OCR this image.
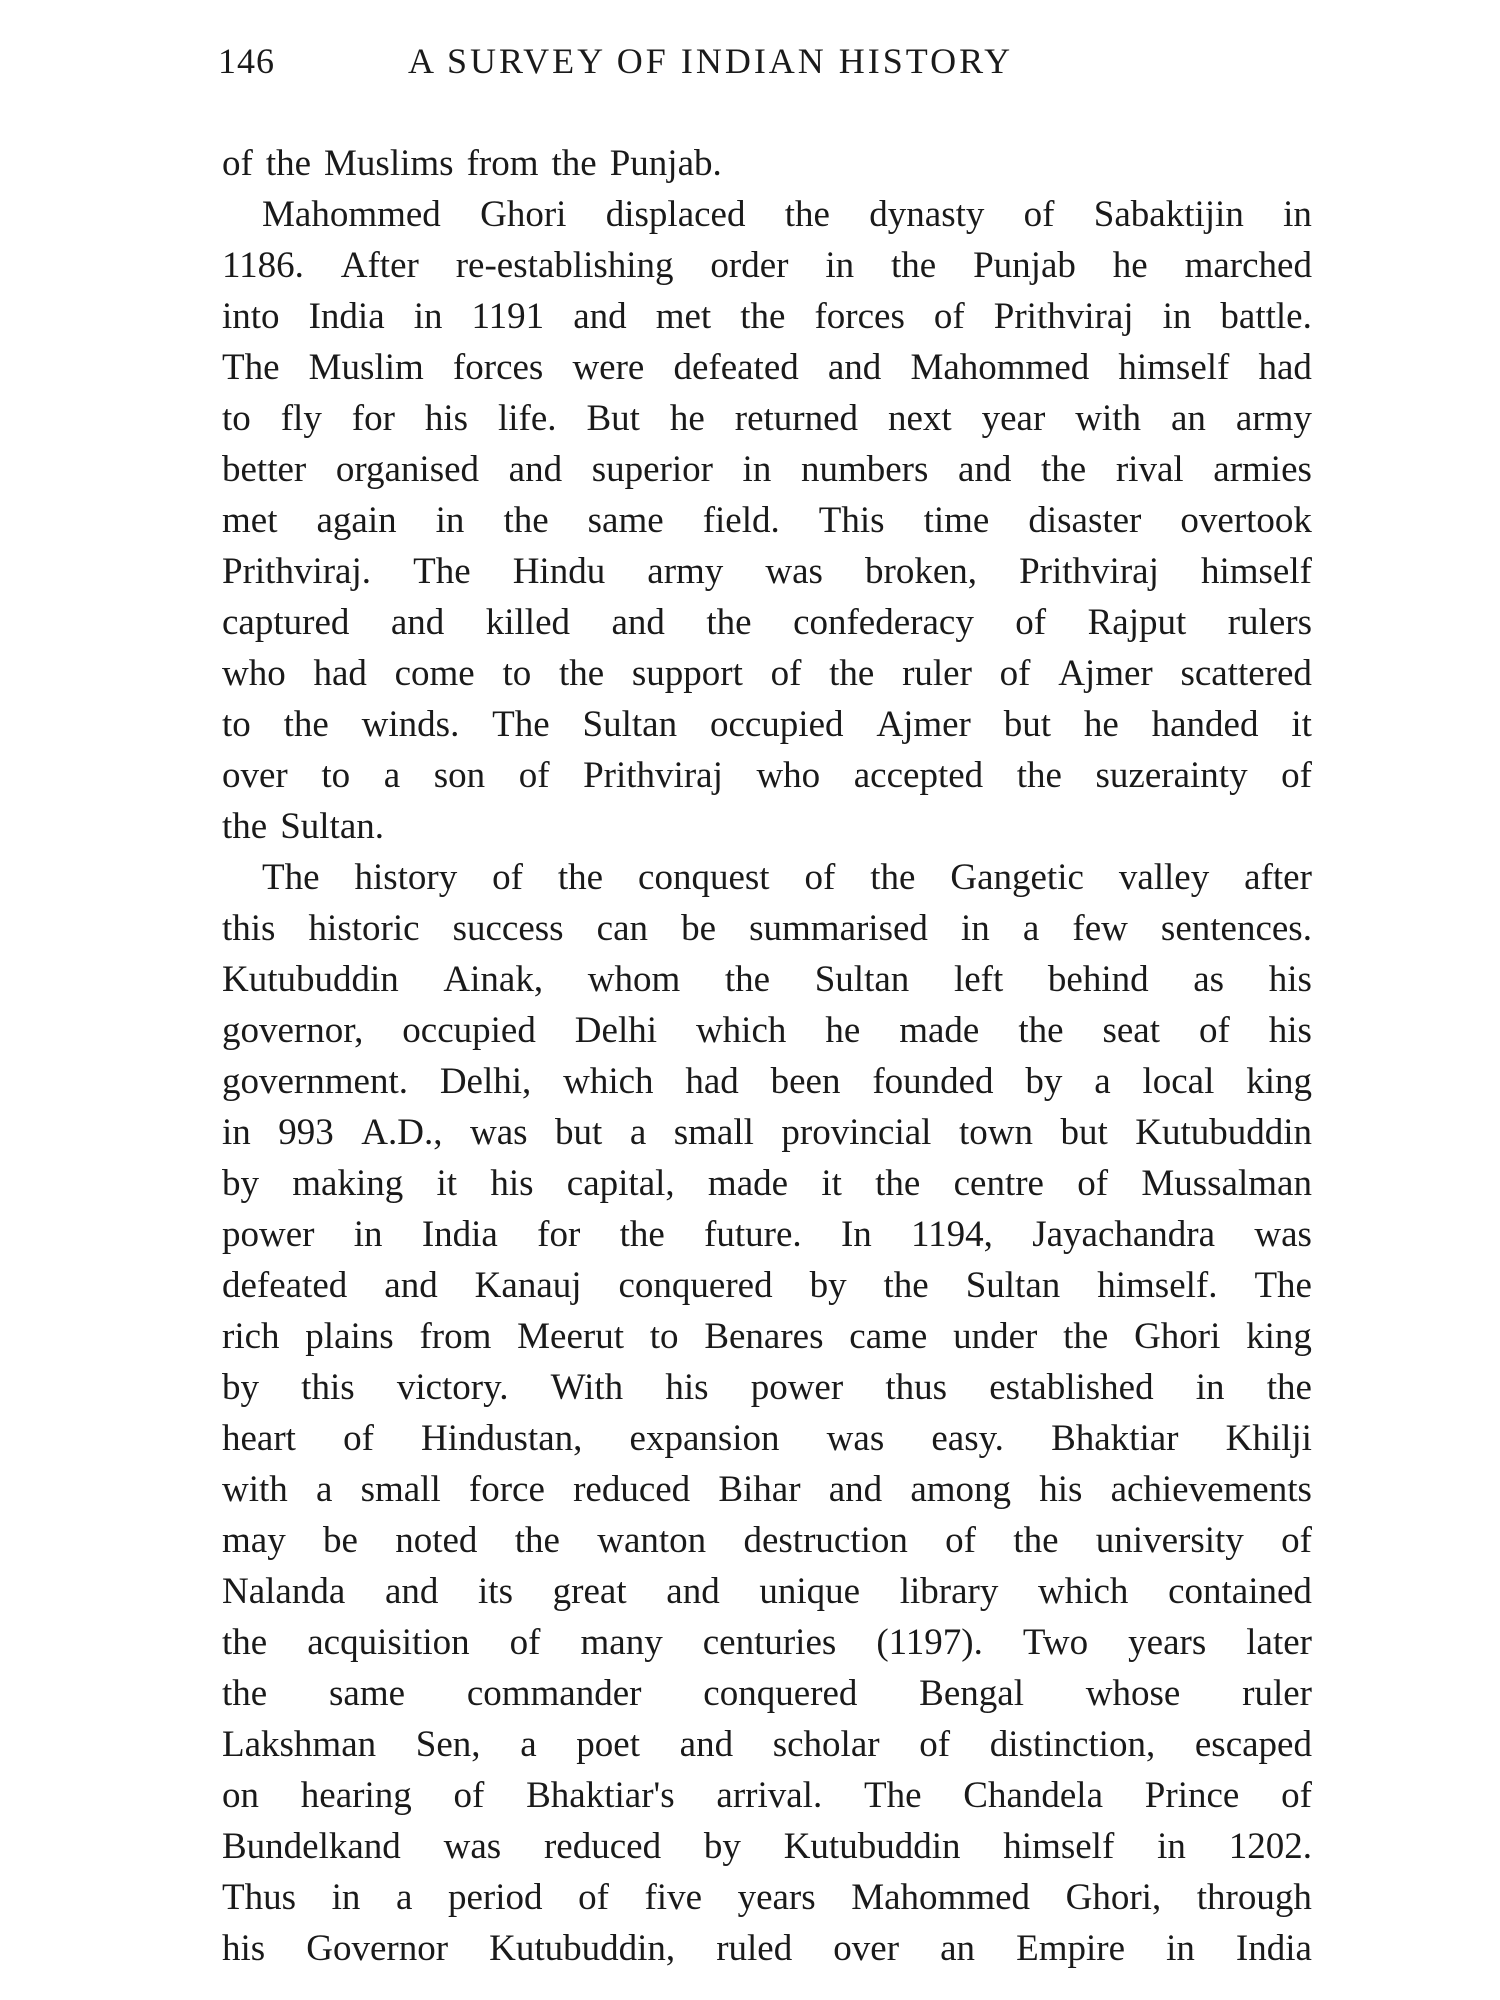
146	A SURVEY OF INDIAN HISTORY
of the Muslims from the Punjab.
Mahommed Ghori displaced the dynasty of Sabaktijin in
1186. After re-establishing order in the Punjab he marched
into India in 1191 and met the forces of Prithviraj in battle.
The Muslim forces were defeated and Mahommed himself had
to fly for his life. But he returned next year with an army
better organised and superior in numbers and the rival armies
met again in the same field. This time disaster overtook
Prithviraj. The Hindu army was broken, Prithviraj himself
captured and killed and the confederacy of Rajput rulers
who had come to the support of the ruler of Ajmer scattered
to the winds. The Sultan occupied Ajmer but he handed it
over to a son of Prithviraj who accepted the suzerainty of
the Sultan.
The history of the conquest of the Gangetic valley after
this historic success can be summarised in a few sentences.
Kutubuddin Ainak, whom the Sultan left behind as his
governor, occupied Delhi which he made the seat of his
government. Delhi, which had been founded by a local king
in 993 A.D., was but a small provincial town but Kutubuddin
by making it his capital, made it the centre of Mussalman
power in India for the future. In 1194, Jayachandra was
defeated and Kanauj conquered by the Sultan himself. The
rich plains from Meerut to Benares came under the Ghori king
by this victory. With his power thus established in the
heart of Hindustan, expansion was easy. Bhaktiar Khilji
with a small force reduced Bihar and among his achievements
may be noted the wanton destruction of the university of
Nalanda and its great and unique library which contained
the acquisition of many centuries (1197). Two years later
the same commander conquered Bengal whose ruler
Lakshman Sen, a poet and scholar of distinction, escaped
on hearing of Bhaktiar's arrival. The Chandela Prince of
Bundelkand was reduced by Kutubuddin himself in 1202.
Thus in a period of five years Mahommed Ghori, through
his Governor Kutubuddin, ruled over an Empire in India
